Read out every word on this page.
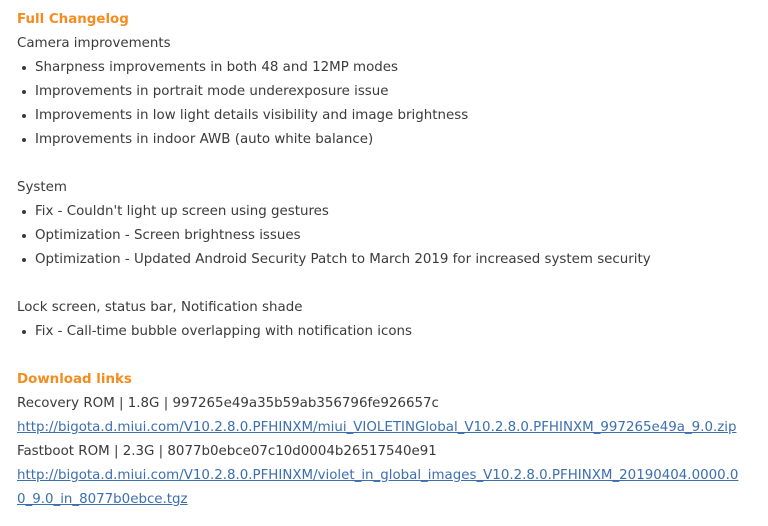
Full Changelog
Camera improvements
Sharpness improvements in both 48 and 12MP modes
Improvements in portrait mode underexposure issue
Improvements in low light details visibility and image brightness
Improvements in indoor AWB (auto white balance)
System
Fix - Couldn't light up screen using gestures
Optimization - Screen brightness issues
Optimization - Updated Android Security Patch to March 2019 for increased system security
Lock screen, status bar, Notification shade
Fix - Call-time bubble overlapping with notification icons
Download links
Recovery ROM | 1.8G | 997265e49a35b59ab356796fe926657c
http://bigota.d.miui.com/V10.2.8.0.PFHINXM/miui_VIOLETINGlobal_V10.2.8.0.PFHINXM_997265e49a_9.0.zip
Fastboot ROM | 2.3G | 8077b0ebce07c10d0004b26517540e91
http://bigota.d.miui.com/V10.2.8.0.PFHINXM/violet_in_global_images_V10.2.8.0.PFHINXM_20190404.0000.00_9.0_in_8077b0ebce.tgz
